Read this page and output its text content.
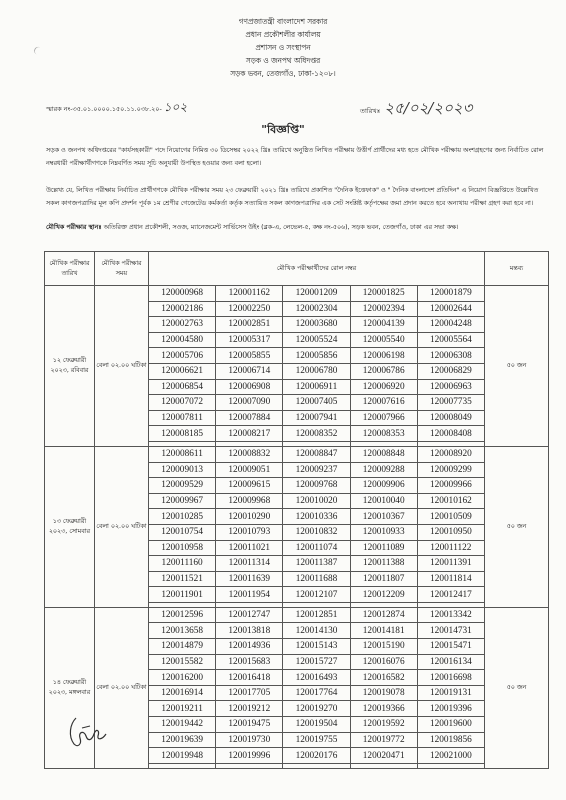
গণপ্রজাতন্ত্রী বাংলাদেশ সরকার
প্রধান প্রকৌশলীর কার্যালয়
প্রশাসন ও সংস্থাপন
সড়ক ও জনপথ অধিদপ্তর
সড়ক ভবন, তেজগাঁও, ঢাকা-১২০৮।
স্মারক নং-৩৫.০১.০০০০.১৫০.১১.০৩৮.২০- ১০২	তারিখঃ ২৫/০২/২০২৩
"বিজ্ঞপ্তি"
সড়ক ও জনপথ অধিদপ্তরের "কার্যসহকারী" পদে নিয়োগের নিমিত্ত ৩০ ডিসেম্বর ২০২২ খ্রিঃ তারিখে অনুষ্ঠিত লিখিত পরীক্ষায় উত্তীর্ণ প্রার্থীদের মধ্য হতে মৌখিক পরীক্ষায় অংশগ্রহণের জন্য নির্বাচিত রোল নম্বরধারী পরীক্ষার্থীগণকে নিম্নবর্ণিত সময় সূচি অনুযায়ী উপস্থিত হওয়ার জন্য বলা হলো।
উল্লেখ্য যে, লিখিত পরীক্ষায় নির্বাচিত প্রার্থীগণকে মৌখিক পরীক্ষার সময় ২৩ ফেব্রুয়ারী ২০২১ খ্রিঃ তারিখে প্রকাশিত "দৈনিক ইত্তেফাক" ও " দৈনিক বাংলাদেশ প্রতিদিন" এ নিয়োগ বিজ্ঞপ্তিতে উল্লেখিত সকল কাগজপত্রাদির মূল কপি প্রদর্শন পূর্বক ১ম শ্রেণীর গেজেটেড কর্মকর্তা কর্তৃক সত্যায়িত সকল কাগজপত্রাদির এক সেট সংশ্লিষ্ট কর্তৃপক্ষের জমা প্রদান করতে হবে অন্যথায় পরীক্ষা গ্রহণ করা হবে না।
মৌখিক পরীক্ষার স্থানঃ অতিরিক্ত প্রধান প্রকৌশলী, সওজ, ম্যানেজমেন্ট সার্ভিসেস উইং (ব্লক-এ, লেভেল-৫, কক্ষ নং-৫০৬), সড়ক ভবন, তেজগাঁও, ঢাকা এর সভা কক্ষ।
মৌখিক পরীক্ষার তারিখ	মৌখিক পরীক্ষার সময়	মৌখিক পরীক্ষার্থীদের রোল নম্বর					মন্তব্য
১২ ফেব্রুয়ারী ২০২৩, রবিবার	বেলা ০২.০০ ঘটিকা	120000968	120001162	120001209	120001825	120001879	৫০ জন
		120002186	120002250	120002304	120002394	120002644	
		120002763	120002851	120003680	120004139	120004248	
		120004580	120005317	120005524	120005540	120005564	
		120005706	120005855	120005856	120006198	120006308	
		120006621	120006714	120006780	120006786	120006829	
		120006854	120006908	120006911	120006920	120006963	
		120007072	120007090	120007405	120007616	120007735	
		120007811	120007884	120007941	120007966	120008049	
		120008185	120008217	120008352	120008353	120008408	

১৩ ফেব্রুয়ারী ২০২৩, সোমবার	বেলা ০২.০০ ঘটিকা	120008611	120008832	120008847	120008848	120008920	৫০ জন
		120009013	120009051	120009237	120009288	120009299	
		120009529	120009615	120009768	120009906	120009966	
		120009967	120009968	120010020	120010040	120010162	
		120010285	120010290	120010336	120010367	120010509	
		120010754	120010793	120010832	120010933	120010950	
		120010958	120011021	120011074	120011089	120011122	
		120011160	120011314	120011387	120011388	120011391	
		120011521	120011639	120011688	120011807	120011814	
		120011901	120011954	120012107	120012209	120012417	

১৪ ফেব্রুয়ারী ২০২৩, মঙ্গলবার	বেলা ০২.০০ ঘটিকা	120012596	120012747	120012851	120012874	120013342	৫০ জন
		120013658	120013818	120014130	120014181	120014731	
		120014879	120014936	120015143	120015190	120015471	
		120015582	120015683	120015727	120016076	120016134	
		120016200	120016418	120016493	120016582	120016698	
		120016914	120017705	120017764	120019078	120019131	
		120019211	120019212	120019270	120019366	120019396	
		120019442	120019475	120019504	120019592	120019600	
		120019639	120019730	120019755	120019772	120019856	
		120019948	120019996	120020176	120020471	120021000	
